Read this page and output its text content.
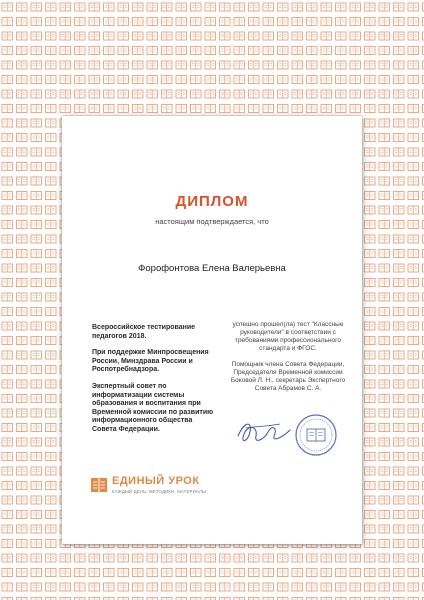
ДИПЛОМ
настоящим подтверждается, что
Форофонтова Елена Валерьевна

Всероссийское тестирование педагогов 2018.

При поддержке Минпросвещения России, Минздрава России и Роспотребнадзора.

Экспертный совет по информатизации системы образования и воспитания при Временной комиссии по развитию информационного общества Совета Федерации.

успешно прошел(ла) тест "Классные руководители" в соответствии с требованиями профессионального стандарта и ФГОС.

Помощник члена Совета Федерации, Председателя Временной комиссии Боковой Л. Н., секретарь Экспертного Совета Абрамов С. А.

ЕДИНЫЙ УРОК
КАЖДЫЙ ДЕНЬ, МЕТОДИКИ, МАТЕРИАЛЫ
